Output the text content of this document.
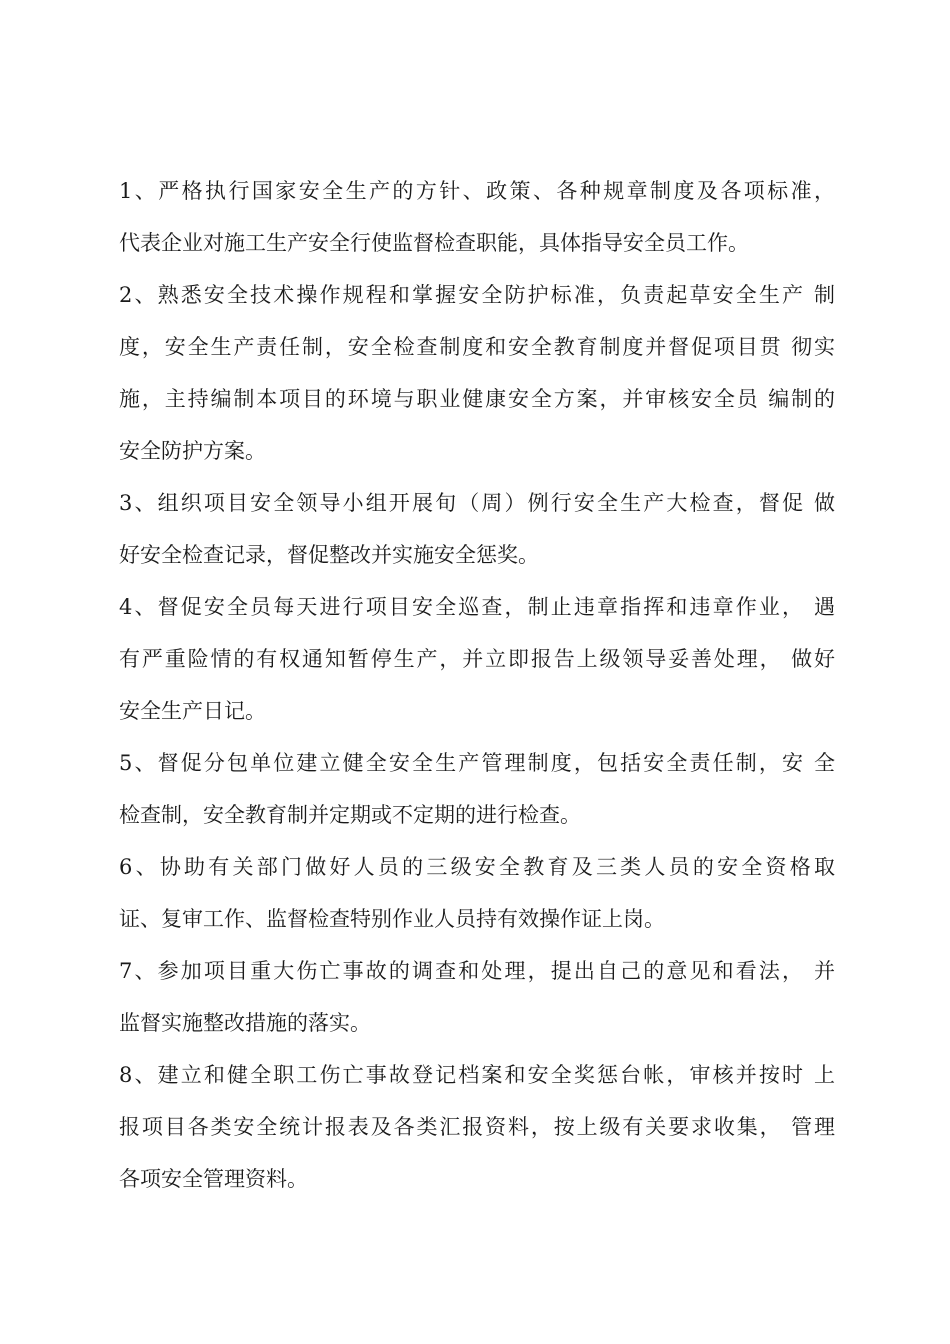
1、严格执行国家安全生产的方针、政策、各种规章制度及各项标准，
代表企业对施工生产安全行使监督检查职能，具体指导安全员工作。
2、熟悉安全技术操作规程和掌握安全防护标准，负责起草安全生产 制
度，安全生产责任制，安全检查制度和安全教育制度并督促项目贯 彻实
施，主持编制本项目的环境与职业健康安全方案，并审核安全员 编制的
安全防护方案。
3、组织项目安全领导小组开展旬（周）例行安全生产大检查，督促 做
好安全检查记录，督促整改并实施安全惩奖。
4、督促安全员每天进行项目安全巡查，制止违章指挥和违章作业， 遇
有严重险情的有权通知暂停生产，并立即报告上级领导妥善处理， 做好
安全生产日记。
5、督促分包单位建立健全安全生产管理制度，包括安全责任制，安 全
检查制，安全教育制并定期或不定期的进行检查。
6、协助有关部门做好人员的三级安全教育及三类人员的安全资格取
证、复审工作、监督检查特别作业人员持有效操作证上岗。
7、参加项目重大伤亡事故的调查和处理，提出自己的意见和看法， 并
监督实施整改措施的落实。
8、建立和健全职工伤亡事故登记档案和安全奖惩台帐，审核并按时 上
报项目各类安全统计报表及各类汇报资料，按上级有关要求收集， 管理
各项安全管理资料。
